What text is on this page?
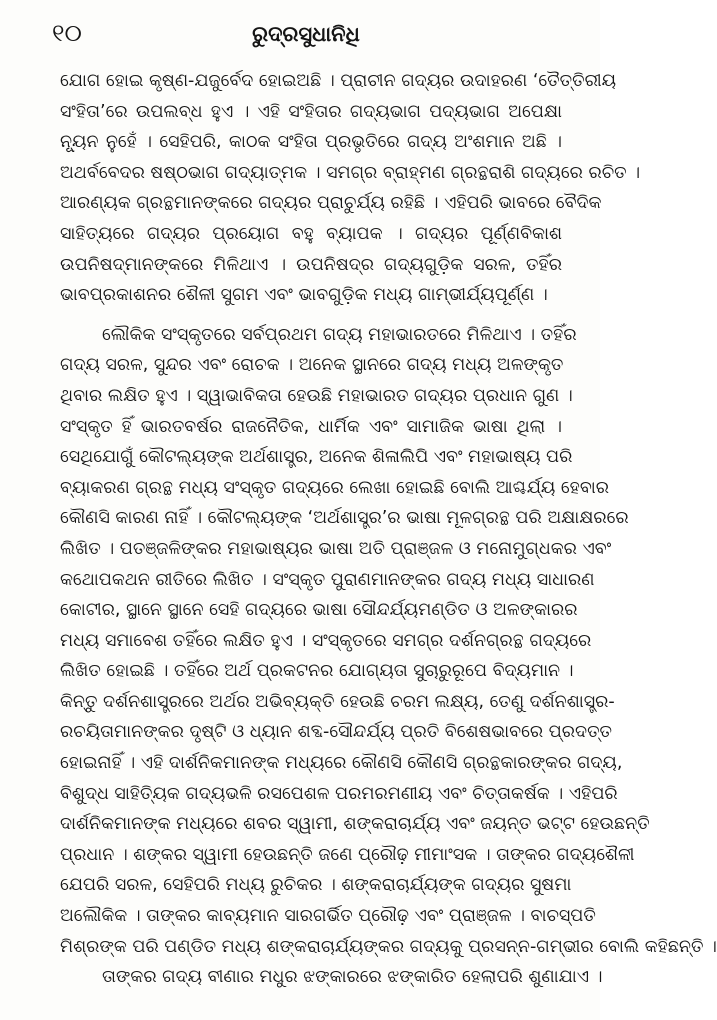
୧୦	ରୁଦ୍ରସୁଧାନିଧି
ଯୋଗ ହୋଇ କୃଷ୍ଣ-ଯଜୁର୍ବେଦ ହୋଇଅଛି । ପ୍ରାଚୀନ ଗଦ୍ୟର ଉଦାହରଣ ‘ତୈତ୍ତିରୀୟ
ସଂହିତା’ରେ ଉପଲବ୍ଧ ହୁଏ । ଏହି ସଂହିତାର ଗଦ୍ୟଭାଗ ପଦ୍ୟଭାଗ ଅପେକ୍ଷା
ନ୍ୟୂନ ନୁହେଁ । ସେହିପରି, କାଠକ ସଂହିତା ପ୍ରଭୃତିରେ ଗଦ୍ୟ ଅଂଶମାନ ଅଛି ।
ଅଥର୍ବବେଦର ଷଷ୍ଠଭାଗ ଗଦ୍ୟାତ୍ମକ । ସମଗ୍ର ବ୍ରାହ୍ମଣ ଗ୍ରନ୍ଥରାଶି ଗଦ୍ୟରେ ରଚିତ ।
ଆରଣ୍ୟକ ଗ୍ରନ୍ଥମାନଙ୍କରେ ଗଦ୍ୟର ପ୍ରାଚୁର୍ଯ୍ୟ ରହିଛି । ଏହିପରି ଭାବରେ ବୈଦିକ
ସାହିତ୍ୟରେ ଗଦ୍ୟର ପ୍ରୟୋଗ ବହୁ ବ୍ୟାପକ । ଗଦ୍ୟର ପୂର୍ଣ୍ଣବିକାଶ
ଉପନିଷଦ୍‌ମାନଙ୍କରେ ମିଳିଥାଏ । ଉପନିଷଦ୍‌ର ଗଦ୍ୟଗୁଡ଼ିକ ସରଳ, ତହିଁର
ଭାବପ୍ରକାଶନର ଶୈଳୀ ସୁଗମ ଏବଂ ଭାବଗୁଡ଼ିକ ମଧ୍ୟ ଗାମ୍ଭୀର୍ଯ୍ୟପୂର୍ଣ୍ଣ ।
ଲୌକିକ ସଂସ୍କୃତରେ ସର୍ବପ୍ରଥମ ଗଦ୍ୟ ମହାଭାରତରେ ମିଳିଥାଏ । ତହିଁର
ଗଦ୍ୟ ସରଳ, ସୁନ୍ଦର ଏବଂ ରୋଚକ । ଅନେକ ସ୍ଥାନରେ ଗଦ୍ୟ ମଧ୍ୟ ଅଳଙ୍କୃତ
ଥିବାର ଲକ୍ଷିତ ହୁଏ । ସ୍ୱାଭାବିକତା ହେଉଛି ମହାଭାରତ ଗଦ୍ୟର ପ୍ରଧାନ ଗୁଣ ।
ସଂସ୍କୃତ ହିଁ ଭାରତବର୍ଷର ରାଜନୈତିକ, ଧାର୍ମିକ ଏବଂ ସାମାଜିକ ଭାଷା ଥିଲା ।
ସେଥିଯୋଗୁଁ କୌଟଲ୍ୟଙ୍କ ଅର୍ଥଶାସ୍ତ୍ର, ଅନେକ ଶିଳାଲିପି ଏବଂ ମହାଭାଷ୍ୟ ପରି
ବ୍ୟାକରଣ ଗ୍ରନ୍ଥ ମଧ୍ୟ ସଂସ୍କୃତ ଗଦ୍ୟରେ ଲେଖା ହୋଇଛି ବୋଲି ଆଶ୍ଚର୍ଯ୍ୟ ହେବାର
କୌଣସି କାରଣ ନାହିଁ । କୌଟଲ୍ୟଙ୍କ ‘ଅର୍ଥଶାସ୍ତ୍ର’ର ଭାଷା ମୂଳଗ୍ରନ୍ଥ ପରି ଅକ୍ଷାକ୍ଷରରେ
ଲିଖିତ । ପତଞ୍ଜଳିଙ୍କର ମହାଭାଷ୍ୟର ଭାଷା ଅତି ପ୍ରାଞ୍ଜଳ ଓ ମନୋମୁଗ୍ଧକର ଏବଂ
କଥୋପକଥନ ରୀତିରେ ଲିଖିତ । ସଂସ୍କୃତ ପୁରାଣମାନଙ୍କର ଗଦ୍ୟ ମଧ୍ୟ ସାଧାରଣ
କୋଟୀର, ସ୍ଥାନେ ସ୍ଥାନେ ସେହି ଗଦ୍ୟରେ ଭାଷା ସୌନ୍ଦର୍ଯ୍ୟମଣ୍ଡିତ ଓ ଅଳଙ୍କାରର
ମଧ୍ୟ ସମାବେଶ ତହିଁରେ ଲକ୍ଷିତ ହୁଏ । ସଂସ୍କୃତରେ ସମଗ୍ର ଦର୍ଶନଗ୍ରନ୍ଥ ଗଦ୍ୟରେ
ଲିଖିତ ହୋଇଛି । ତହିଁରେ ଅର୍ଥ ପ୍ରକଟନର ଯୋଗ୍ୟତା ସୁଚାରୁରୂପେ ବିଦ୍ୟମାନ ।
କିନ୍ତୁ ଦର୍ଶନଶାସ୍ତ୍ରରେ ଅର୍ଥର ଅଭିବ୍ୟକ୍ତି ହେଉଛି ଚରମ ଲକ୍ଷ୍ୟ, ତେଣୁ ଦର୍ଶନଶାସ୍ତ୍ର-
ରଚୟିତାମାନଙ୍କର ଦୃଷ୍ଟି ଓ ଧ୍ୟାନ ଶବ୍ଦ-ସୌନ୍ଦର୍ଯ୍ୟ ପ୍ରତି ବିଶେଷଭାବରେ ପ୍ରଦତ୍ତ
ହୋଇନାହିଁ । ଏହି ଦାର୍ଶନିକମାନଙ୍କ ମଧ୍ୟରେ କୌଣସି କୌଣସି ଗ୍ରନ୍ଥକାରଙ୍କର ଗଦ୍ୟ,
ବିଶୁଦ୍ଧ ସାହିତ୍ୟିକ ଗଦ୍ୟଭଳି ରସପେଶଳ ପରମରମଣୀୟ ଏବଂ ଚିତ୍ତାକର୍ଷକ । ଏହିପରି
ଦାର୍ଶନିକମାନଙ୍କ ମଧ୍ୟରେ ଶବର ସ୍ୱାମୀ, ଶଙ୍କରାଚାର୍ଯ୍ୟ ଏବଂ ଜୟନ୍ତ ଭଟ୍ଟ ହେଉଛନ୍ତି
ପ୍ରଧାନ । ଶଙ୍କର ସ୍ୱାମୀ ହେଉଛନ୍ତି ଜଣେ ପ୍ରୌଢ଼ ମୀମାଂସକ । ତାଙ୍କର ଗଦ୍ୟଶୈଳୀ
ଯେପରି ସରଳ, ସେହିପରି ମଧ୍ୟ ରୁଚିକର । ଶଙ୍କରାଚାର୍ଯ୍ୟଙ୍କ ଗଦ୍ୟର ସୁଷମା
ଅଲୌକିକ । ତାଙ୍କର କାବ୍ୟମାନ ସାରଗର୍ଭିତ ପ୍ରୌଢ଼ ଏବଂ ପ୍ରାଞ୍ଜଳ । ବାଚସ୍ପତି
ମିଶ୍ରଙ୍କ ପରି ପଣ୍ଡିତ ମଧ୍ୟ ଶଙ୍କରାଚାର୍ଯ୍ୟଙ୍କର ଗଦ୍ୟକୁ ପ୍ରସନ୍ନ-ଗମ୍ଭୀର ବୋଲି କହିଛନ୍ତି ।
ତାଙ୍କର ଗଦ୍ୟ ବୀଣାର ମଧୁର ଝଙ୍କାରରେ ଝଙ୍କାରିତ ହେଲାପରି ଶୁଣାଯାଏ ।
